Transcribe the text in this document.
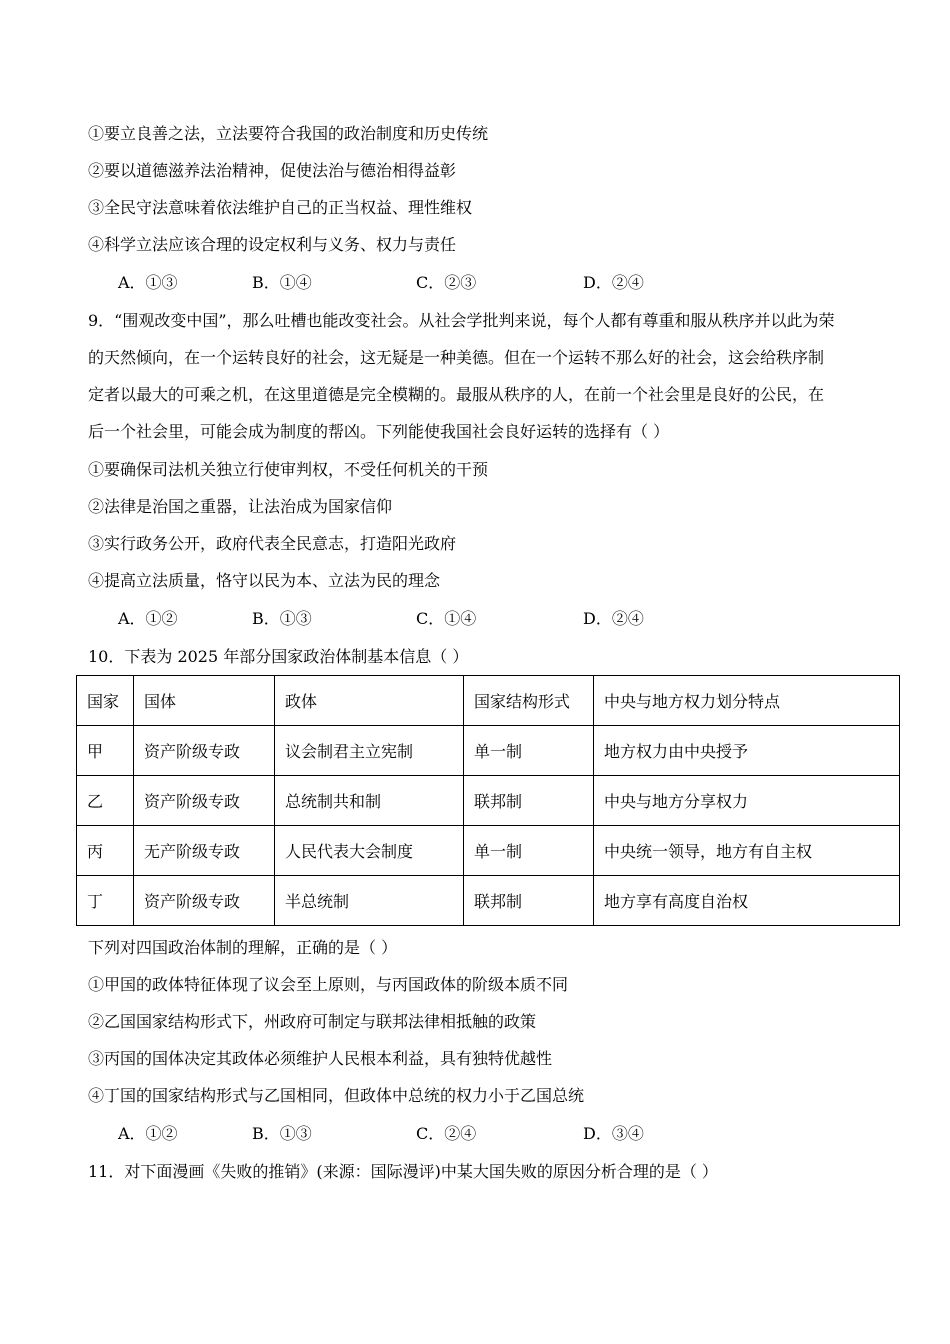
①要立良善之法，立法要符合我国的政治制度和历史传统
②要以道德滋养法治精神，促使法治与德治相得益彰
③全民守法意味着依法维护自己的正当权益、理性维权
④科学立法应该合理的设定权利与义务、权力与责任
A．①③	B．①④	C．②③	D．②④
9．“围观改变中国”，那么吐槽也能改变社会。从社会学批判来说，每个人都有尊重和服从秩序并以此为荣
的天然倾向，在一个运转良好的社会，这无疑是一种美德。但在一个运转不那么好的社会，这会给秩序制
定者以最大的可乘之机，在这里道德是完全模糊的。最服从秩序的人，在前一个社会里是良好的公民，在
后一个社会里，可能会成为制度的帮凶。下列能使我国社会良好运转的选择有（ ）
①要确保司法机关独立行使审判权，不受任何机关的干预
②法律是治国之重器，让法治成为国家信仰
③实行政务公开，政府代表全民意志，打造阳光政府
④提高立法质量，恪守以民为本、立法为民的理念
A．①②	B．①③	C．①④	D．②④
10．下表为 2025 年部分国家政治体制基本信息（ ）
国家	国体	政体	国家结构形式	中央与地方权力划分特点
甲	资产阶级专政	议会制君主立宪制	单一制	地方权力由中央授予
乙	资产阶级专政	总统制共和制	联邦制	中央与地方分享权力
丙	无产阶级专政	人民代表大会制度	单一制	中央统一领导，地方有自主权
丁	资产阶级专政	半总统制	联邦制	地方享有高度自治权
下列对四国政治体制的理解，正确的是（ ）
①甲国的政体特征体现了议会至上原则，与丙国政体的阶级本质不同
②乙国国家结构形式下，州政府可制定与联邦法律相抵触的政策
③丙国的国体决定其政体必须维护人民根本利益，具有独特优越性
④丁国的国家结构形式与乙国相同，但政体中总统的权力小于乙国总统
A．①②	B．①③	C．②④	D．③④
11．对下面漫画《失败的推销》(来源：国际漫评)中某大国失败的原因分析合理的是（ ）
